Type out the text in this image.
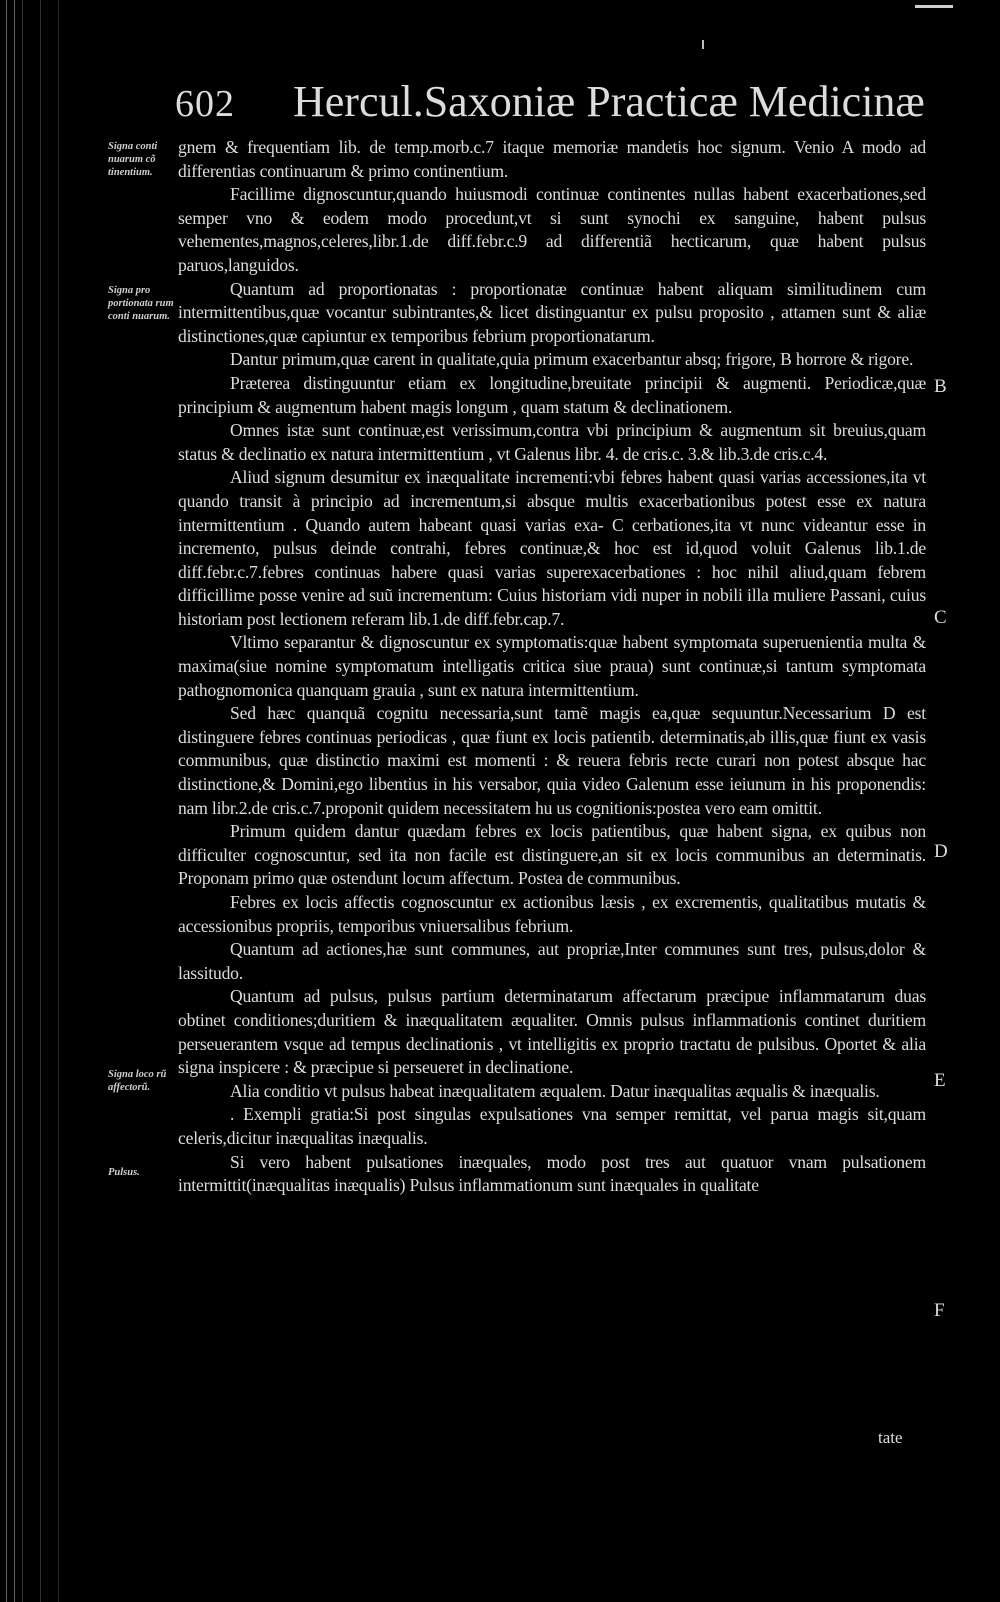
602 Hercul.Saxoniæ Practicæ Medicinæ
Signa conti nuarum cõ tinentium.
Signa pro portionata rum conti nuarum.
Signa loco rũ affectorũ.
Pulsus.
B
C
D
E
F

gnem & frequentiam lib. de temp.morb.c.7 itaque memoriæ mandetis hoc signum. Venio A modo ad differentias continuarum & primo continentium.

Facillime dignoscuntur,quando huiusmodi continuæ continentes nullas habent exacerbationes,sed semper vno & eodem modo procedunt,vt si sunt synochi ex sanguine, habent pulsus vehementes,magnos,celeres,libr.1.de diff.febr.c.9 ad differentiã hecticarum, quæ habent pulsus paruos,languidos.

Quantum ad proportionatas : proportionatæ continuæ habent aliquam similitudinem cum intermittentibus,quæ vocantur subintrantes,& licet distinguantur ex pulsu proposito , attamen sunt & aliæ distinctiones,quæ capiuntur ex temporibus febrium proportionatarum.

Dantur primum,quæ carent in qualitate,quia primum exacerbantur absq; frigore, B horrore & rigore.

Præterea distinguuntur etiam ex longitudine,breuitate principii & augmenti. Periodicæ,quæ principium & augmentum habent magis longum , quam statum & declinationem.

Omnes istæ sunt continuæ,est verissimum,contra vbi principium & augmentum sit breuius,quam status & declinatio ex natura intermittentium , vt Galenus libr. 4. de cris.c. 3.& lib.3.de cris.c.4.

Aliud signum desumitur ex inæqualitate incrementi:vbi febres habent quasi varias accessiones,ita vt quando transit à principio ad incrementum,si absque multis exacerbationibus potest esse ex natura intermittentium . Quando autem habeant quasi varias exa- C cerbationes,ita vt nunc videantur esse in incremento, pulsus deinde contrahi, febres continuæ,& hoc est id,quod voluit Galenus lib.1.de diff.febr.c.7.febres continuas habere quasi varias superexacerbationes : hoc nihil aliud,quam febrem difficillime posse venire ad suũ incrementum: Cuius historiam vidi nuper in nobili illa muliere Passani, cuius historiam post lectionem referam lib.1.de diff.febr.cap.7.

Vltimo separantur & dignoscuntur ex symptomatis:quæ habent symptomata superuenientia multa & maxima(siue nomine symptomatum intelligatis critica siue praua) sunt continuæ,si tantum symptomata pathognomonica quanquam grauia , sunt ex natura intermittentium.

Sed hæc quanquã cognitu necessaria,sunt tamẽ magis ea,quæ sequuntur.Necessarium D est distinguere febres continuas periodicas , quæ fiunt ex locis patientib. determinatis,ab illis,quæ fiunt ex vasis communibus, quæ distinctio maximi est momenti : & reuera febris recte curari non potest absque hac distinctione,& Domini,ego libentius in his versabor, quia video Galenum esse ieiunum in his proponendis: nam libr.2.de cris.c.7.proponit quidem necessitatem hu us cognitionis:postea vero eam omittit.

Primum quidem dantur quædam febres ex locis patientibus, quæ habent signa, ex quibus non difficulter cognoscuntur, sed ita non facile est distinguere,an sit ex locis communibus an determinatis. Proponam primo quæ ostendunt locum affectum. Postea de communibus.

Febres ex locis affectis cognoscuntur ex actionibus læsis , ex excrementis, qualitatibus mutatis & accessionibus propriis, temporibus vniuersalibus febrium.

Quantum ad actiones,hæ sunt communes, aut propriæ,Inter communes sunt tres, pulsus,dolor & lassitudo.

Quantum ad pulsus, pulsus partium determinatarum affectarum præcipue inflammatarum duas obtinet conditiones;duritiem & inæqualitatem æqualiter. Omnis pulsus inflammationis continet duritiem perseuerantem vsque ad tempus declinationis , vt intelligitis ex proprio tractatu de pulsibus. Oportet & alia signa inspicere : & præcipue si perseueret in declinatione.

Alia conditio vt pulsus habeat inæqualitatem æqualem. Datur inæqualitas æqualis & inæqualis.

. Exempli gratia:Si post singulas expulsationes vna semper remittat, vel parua magis sit,quam celeris,dicitur inæqualitas inæqualis.

Si vero habent pulsationes inæquales, modo post tres aut quatuor vnam pulsationem intermittit(inæqualitas inæqualis) Pulsus inflammationum sunt inæquales in qualitate

tate
